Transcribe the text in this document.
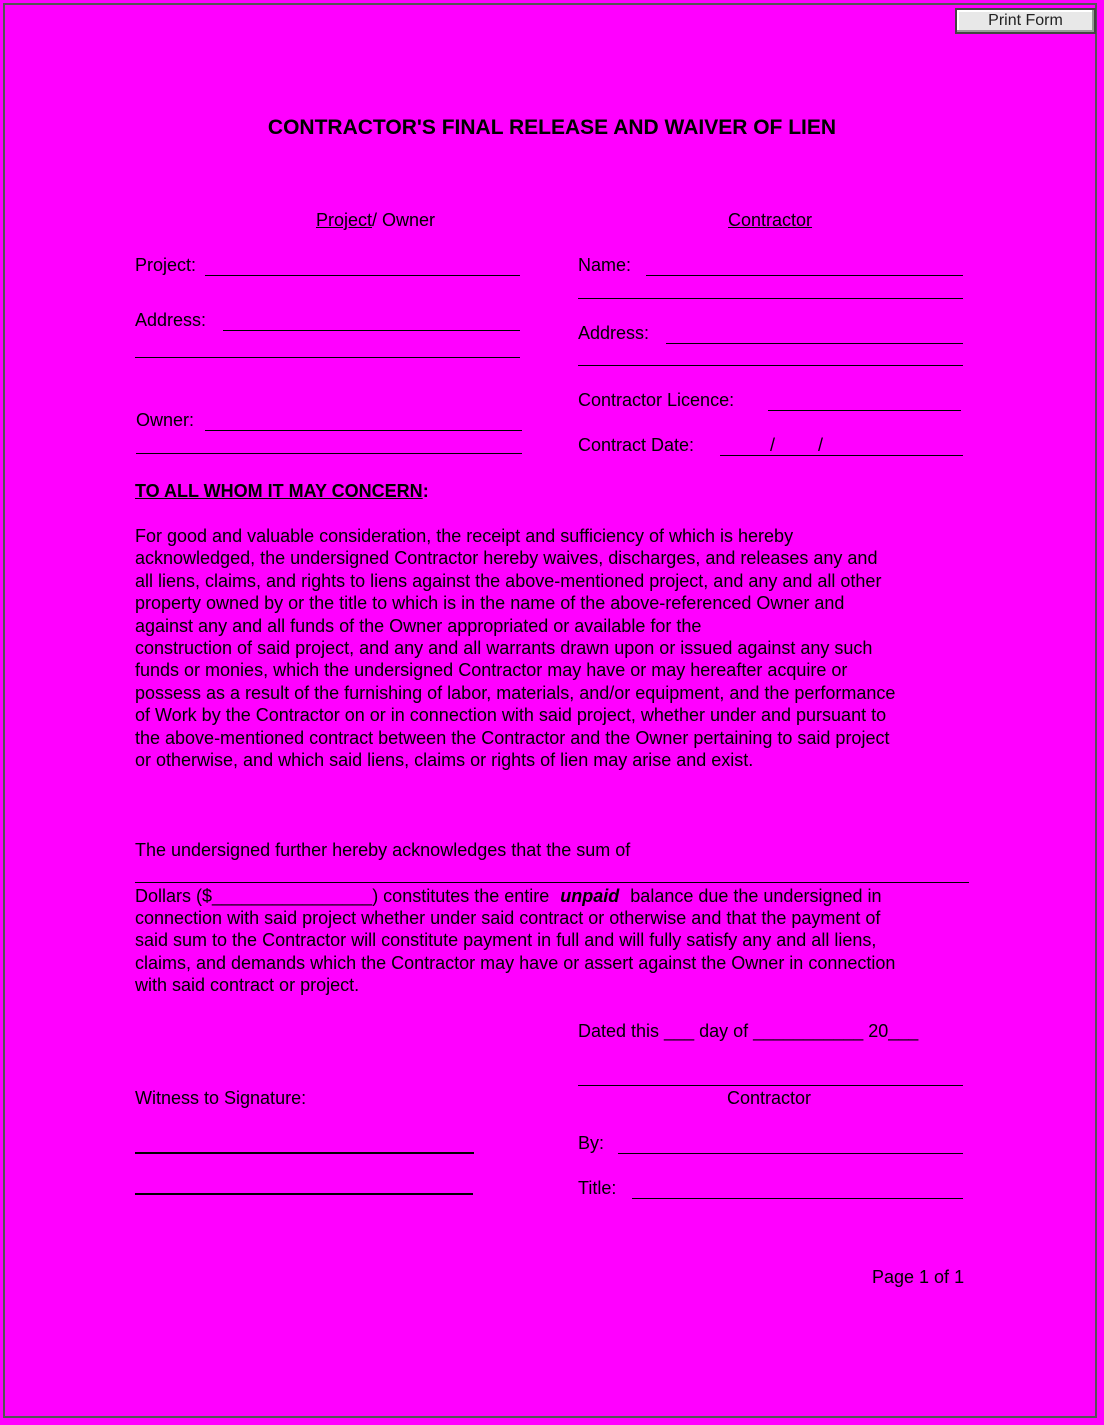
Print Form
CONTRACTOR'S FINAL RELEASE AND WAIVER OF LIEN
Project/ Owner	Contractor
Project:
Address:
Owner:
Name:
Address:
Contractor Licence:
Contract Date:	/ /
TO ALL WHOM IT MAY CONCERN:
For good and valuable consideration, the receipt and sufficiency of which is hereby
acknowledged, the undersigned Contractor hereby waives, discharges, and releases any and
all liens, claims, and rights to liens against the above-mentioned project, and any and all other
property owned by or the title to which is in the name of the above-referenced Owner and
against any and all funds of the Owner appropriated or available for the
construction of said project, and any and all warrants drawn upon or issued against any such
funds or monies, which the undersigned Contractor may have or may hereafter acquire or
possess as a result of the furnishing of labor, materials, and/or equipment, and the performance
of Work by the Contractor on or in connection with said project, whether under and pursuant to
the above-mentioned contract between the Contractor and the Owner pertaining to said project
or otherwise, and which said liens, claims or rights of lien may arise and exist.
The undersigned further hereby acknowledges that the sum of
Dollars ($________________) constitutes the entire unpaid balance due the undersigned in
connection with said project whether under said contract or otherwise and that the payment of
said sum to the Contractor will constitute payment in full and will fully satisfy any and all liens,
claims, and demands which the Contractor may have or assert against the Owner in connection
with said contract or project.
Dated this ___ day of ___________ 20___
Contractor
Witness to Signature:
By:
Title:
Page 1 of 1
